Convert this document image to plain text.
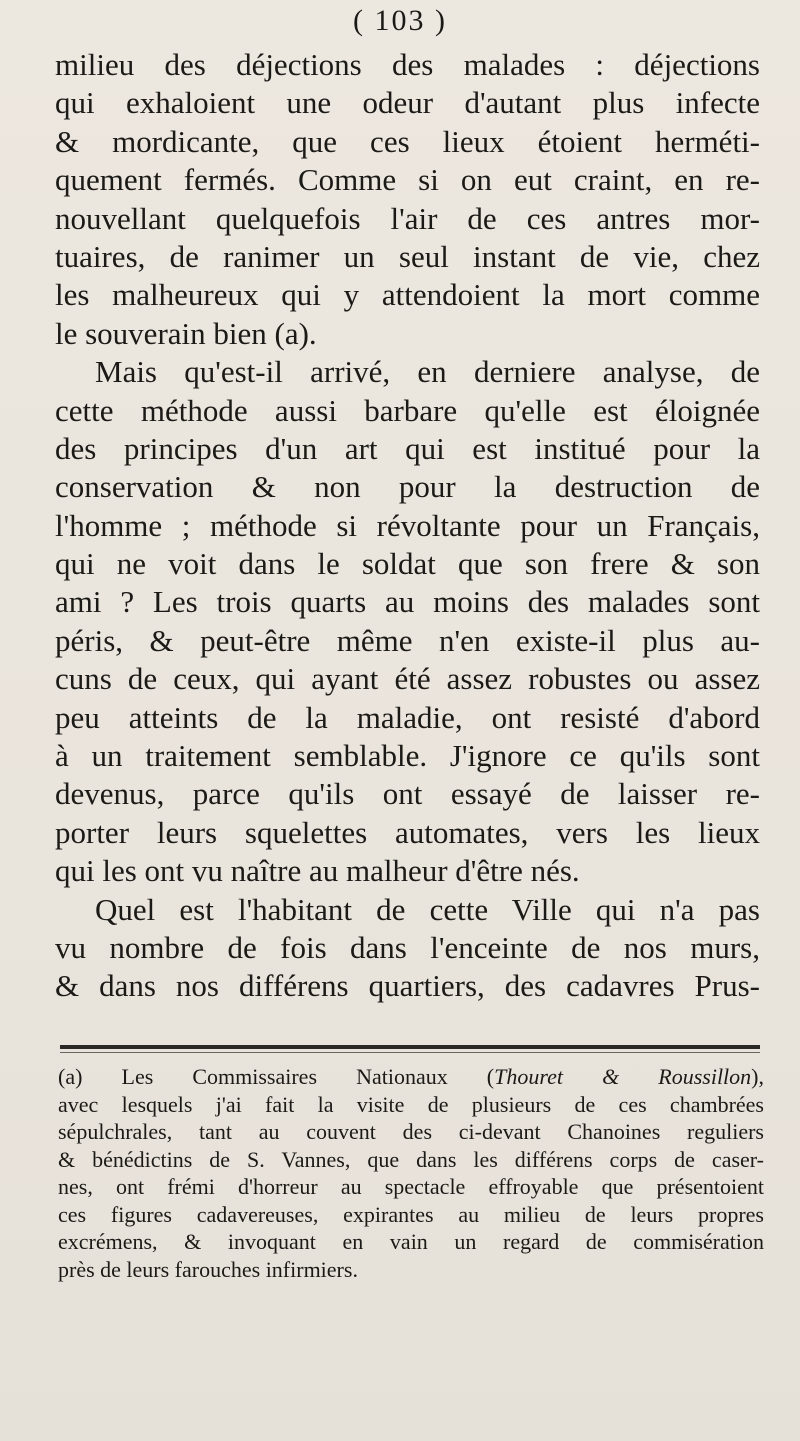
( 103 )
milieu des déjections des malades : déjections
qui exhaloient une odeur d'autant plus infecte
& mordicante, que ces lieux étoient herméti-
quement fermés. Comme si on eut craint, en re-
nouvellant quelquefois l'air de ces antres mor-
tuaires, de ranimer un seul instant de vie, chez
les malheureux qui y attendoient la mort comme
le souverain bien (a).
Mais qu'est-il arrivé, en derniere analyse, de
cette méthode aussi barbare qu'elle est éloignée
des principes d'un art qui est institué pour la
conservation & non pour la destruction de
l'homme ; méthode si révoltante pour un Français,
qui ne voit dans le soldat que son frere & son
ami ? Les trois quarts au moins des malades sont
péris, & peut-être même n'en existe-il plus au-
cuns de ceux, qui ayant été assez robustes ou assez
peu atteints de la maladie, ont resisté d'abord
à un traitement semblable. J'ignore ce qu'ils sont
devenus, parce qu'ils ont essayé de laisser re-
porter leurs squelettes automates, vers les lieux
qui les ont vu naître au malheur d'être nés.
Quel est l'habitant de cette Ville qui n'a pas
vu nombre de fois dans l'enceinte de nos murs,
& dans nos différens quartiers, des cadavres Prus-
(a) Les Commissaires Nationaux (Thouret & Roussillon),
avec lesquels j'ai fait la visite de plusieurs de ces chambrées
sépulchrales, tant au couvent des ci-devant Chanoines reguliers
& bénédictins de S. Vannes, que dans les différens corps de caser-
nes, ont frémi d'horreur au spectacle effroyable que présentoient
ces figures cadavereuses, expirantes au milieu de leurs propres
excrémens, & invoquant en vain un regard de commisération
près de leurs farouches infirmiers.
